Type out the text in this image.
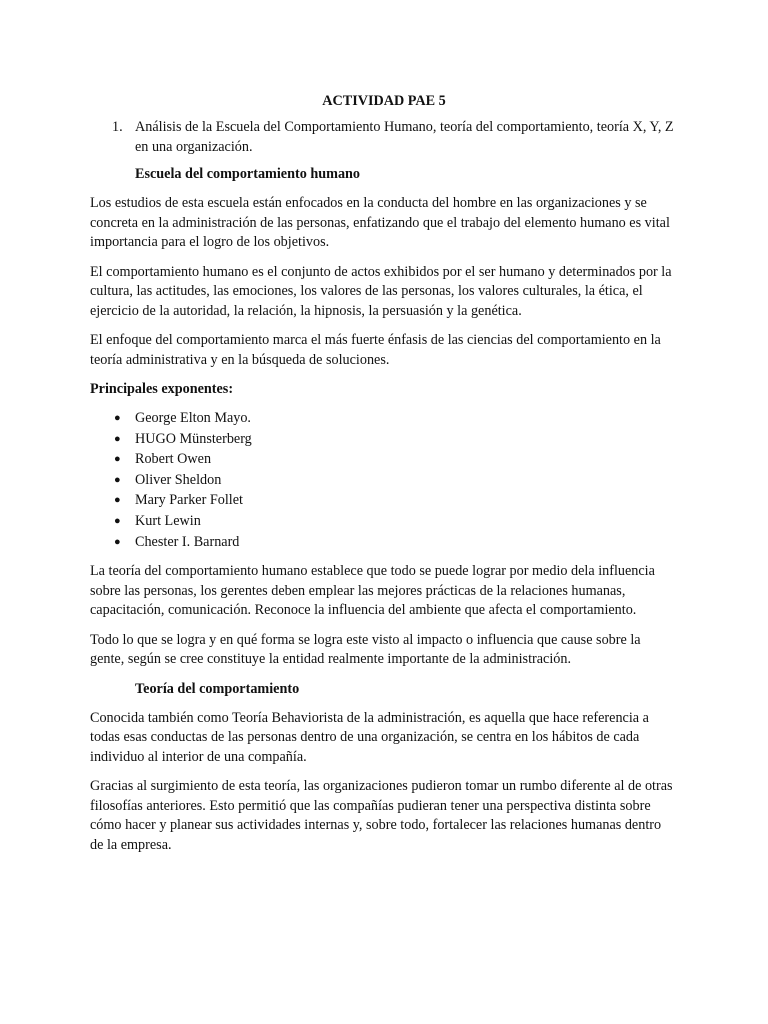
ACTIVIDAD PAE 5
1. Análisis de la Escuela del Comportamiento Humano, teoría del comportamiento, teoría X, Y, Z en una organización.
Escuela del comportamiento humano

Los estudios de esta escuela están enfocados en la conducta del hombre en las organizaciones y se concreta en la administración de las personas, enfatizando que el trabajo del elemento humano es vital importancia para el logro de los objetivos.

El comportamiento humano es el conjunto de actos exhibidos por el ser humano y determinados por la cultura, las actitudes, las emociones, los valores de las personas, los valores culturales, la ética, el ejercicio de la autoridad, la relación, la hipnosis, la persuasión y la genética.

El enfoque del comportamiento marca el más fuerte énfasis de las ciencias del comportamiento en la teoría administrativa y en la búsqueda de soluciones.

Principales exponentes:
● George Elton Mayo.
● HUGO Münsterberg
● Robert Owen
● Oliver Sheldon
● Mary Parker Follet
● Kurt Lewin
● Chester I. Barnard

La teoría del comportamiento humano establece que todo se puede lograr por medio dela influencia sobre las personas, los gerentes deben emplear las mejores prácticas de la relaciones humanas, capacitación, comunicación. Reconoce la influencia del ambiente que afecta el comportamiento.

Todo lo que se logra y en qué forma se logra este visto al impacto o influencia que cause sobre la gente, según se cree constituye la entidad realmente importante de la administración.

Teoría del comportamiento

Conocida también como Teoría Behaviorista de la administración, es aquella que hace referencia a todas esas conductas de las personas dentro de una organización, se centra en los hábitos de cada individuo al interior de una compañía.

Gracias al surgimiento de esta teoría, las organizaciones pudieron tomar un rumbo diferente al de otras filosofías anteriores. Esto permitió que las compañías pudieran tener una perspectiva distinta sobre cómo hacer y planear sus actividades internas y, sobre todo, fortalecer las relaciones humanas dentro de la empresa.
